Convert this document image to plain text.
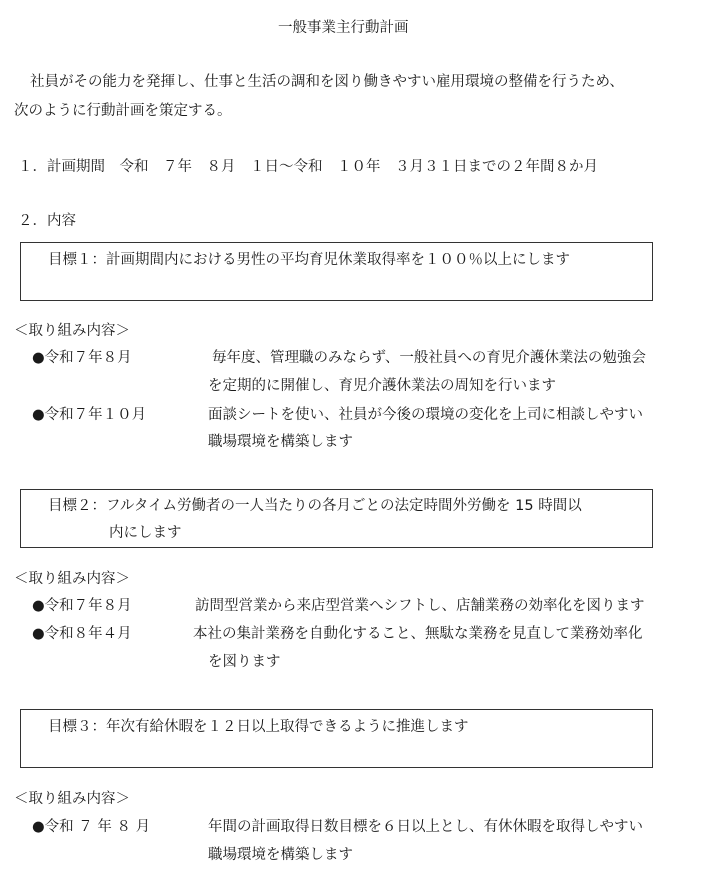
一般事業主行動計画
社員がその能力を発揮し、仕事と生活の調和を図り働きやすい雇用環境の整備を行うため、
次のように行動計画を策定する。
１．計画期間　令和　７年　８月　１日〜令和　１０年　３月３１日までの２年間８か月
２．内容
目標１：計画期間内における男性の平均育児休業取得率を１００％以上にします
＜取り組み内容＞
●令和７年８月	毎年度、管理職のみならず、一般社員への育児介護休業法の勉強会
を定期的に開催し、育児介護休業法の周知を行います
●令和７年１０月	面談シートを使い、社員が今後の環境の変化を上司に相談しやすい
職場環境を構築します
目標２：フルタイム労働者の一人当たりの各月ごとの法定時間外労働を 15 時間以
内にします
＜取り組み内容＞
●令和７年８月	訪問型営業から来店型営業へシフトし、店舗業務の効率化を図ります
●令和８年４月	本社の集計業務を自動化すること、無駄な業務を見直して業務効率化
を図ります
目標３：年次有給休暇を１２日以上取得できるように推進します
＜取り組み内容＞
●令和 ７ 年 ８ 月	年間の計画取得日数目標を６日以上とし、有休休暇を取得しやすい
職場環境を構築します
